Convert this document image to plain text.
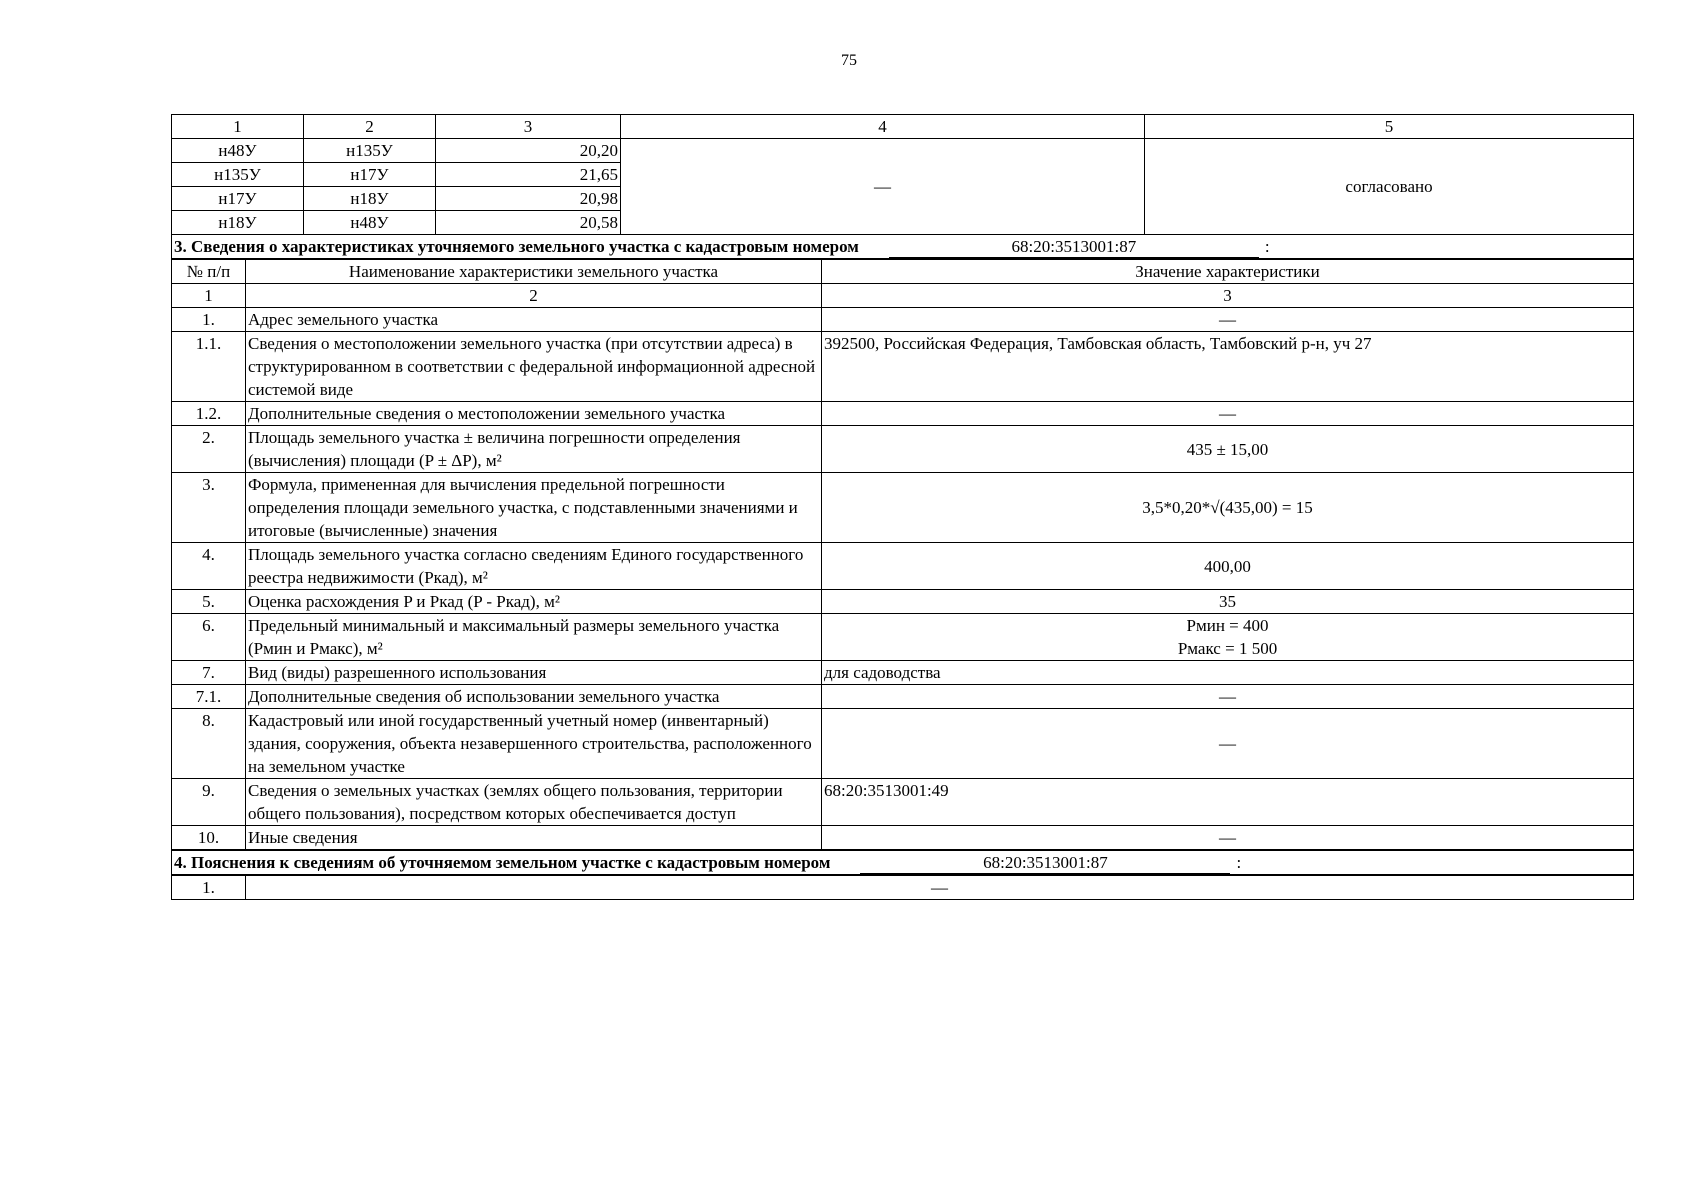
75
1	2	3	4	5
н48У	н135У	20,20	—	согласовано
н135У	н17У	21,65		
н17У	н18У	20,98		
н18У	н48У	20,58		
3. Сведения о характеристиках уточняемого земельного участка с кадастровым номером 68:20:3513001:87 :		
№ п/п	Наименование характеристики земельного участка	Значение характеристики
1	2	3
1.	Адрес земельного участка	—
1.1.	Сведения о местоположении земельного участка (при отсутствии адреса) в структурированном в соответствии с федеральной информационной адресной системой виде	392500, Российская Федерация, Тамбовская область, Тамбовский р-н, уч 27
1.2.	Дополнительные сведения о местоположении земельного участка	—
2.	Площадь земельного участка ± величина погрешности определения (вычисления) площади (P ± ΔP), м²	435 ± 15,00
3.	Формула, примененная для вычисления предельной погрешности определения площади земельного участка, с подставленными значениями и итоговые (вычисленные) значения	3,5*0,20*√(435,00) = 15
4.	Площадь земельного участка согласно сведениям Единого государственного реестра недвижимости (Pкад), м²	400,00
5.	Оценка расхождения P и Pкад (P - Pкад), м²	35
6.	Предельный минимальный и максимальный размеры земельного участка (Pмин и Pмакс), м²	Pмин = 400
Pмакс = 1 500

7.	Вид (виды) разрешенного использования	для садоводства
7.1.	Дополнительные сведения об использовании земельного участка	—
8.	Кадастровый или иной государственный учетный номер (инвентарный) здания, сооружения, объекта незавершенного строительства, расположенного на земельном участке	—
9.	Сведения о земельных участках (землях общего пользования, территории общего пользования), посредством которых обеспечивается доступ	68:20:3513001:49
10.	Иные сведения	—
4. Пояснения к сведениям об уточняемом земельном участке с кадастровым номером	68:20:3513001:87	:
1.	—
